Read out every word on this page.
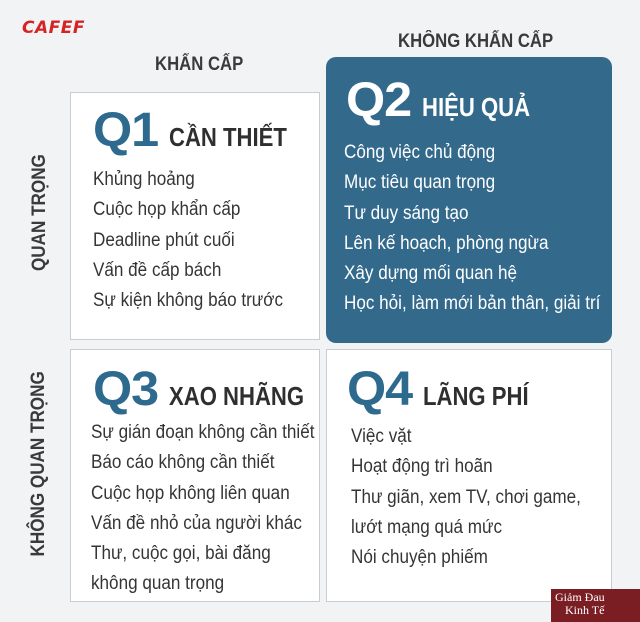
CAFEF
KHẨN CẤP
KHÔNG KHẨN CẤP
QUAN TRỌNG
KHÔNG QUAN TRỌNG
Q1 CẦN THIẾT
Khủng hoảng
Cuộc họp khẩn cấp
Deadline phút cuối
Vấn đề cấp bách
Sự kiện không báo trước
Q2 HIỆU QUẢ
Công việc chủ động
Mục tiêu quan trọng
Tư duy sáng tạo
Lên kế hoạch, phòng ngừa
Xây dựng mối quan hệ
Học hỏi, làm mới bản thân, giải trí
Q3 XAO NHÃNG
Sự gián đoạn không cần thiết
Báo cáo không cần thiết
Cuộc họp không liên quan
Vấn đề nhỏ của người khác
Thư, cuộc gọi, bài đăng
không quan trọng
Q4 LÃNG PHÍ
Việc vặt
Hoạt động trì hoãn
Thư giãn, xem TV, chơi game,
lướt mạng quá mức
Nói chuyện phiếm
Giảm Đau
Kinh Tế
